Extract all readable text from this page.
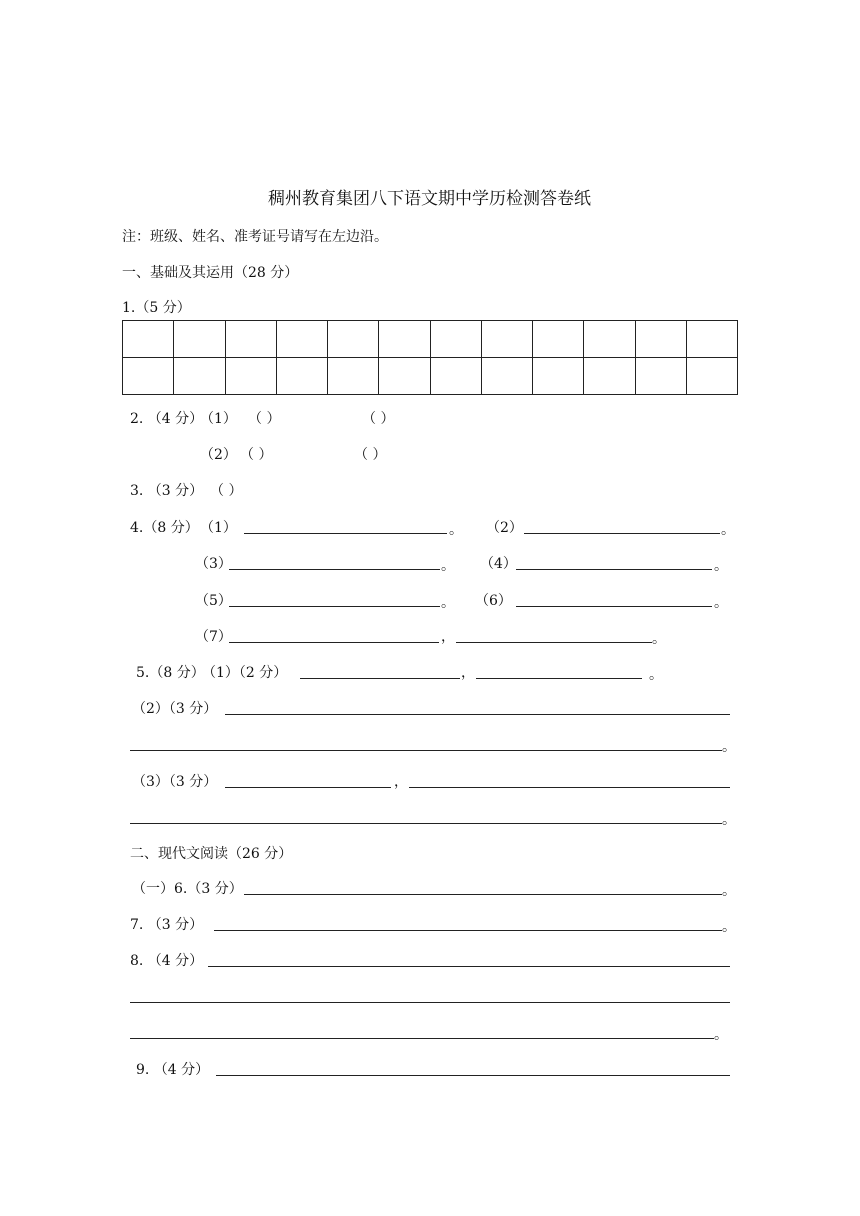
稠州教育集团八下语文期中学历检测答卷纸
注：班级、姓名、准考证号请写在左边沿。
一、基础及其运用（28 分）
1.（5 分）

2. （4 分）
（1） （ ）	（ ）
（2） （ ）	（ ）
3. （3 分） （ ）
4.（8 分） （1）	。 （2）	。
（3）	。 （4）	。
（5）	。 （6）	。
（7）	，	。
5.（8 分）
（1）（2 分）	，	。
（2）（3 分）
。
（3）（3 分）	，
。
二、现代文阅读（26 分）
（一）6.（3 分）	。
7. （3 分）	。
8. （4 分）
。
9. （4 分）
